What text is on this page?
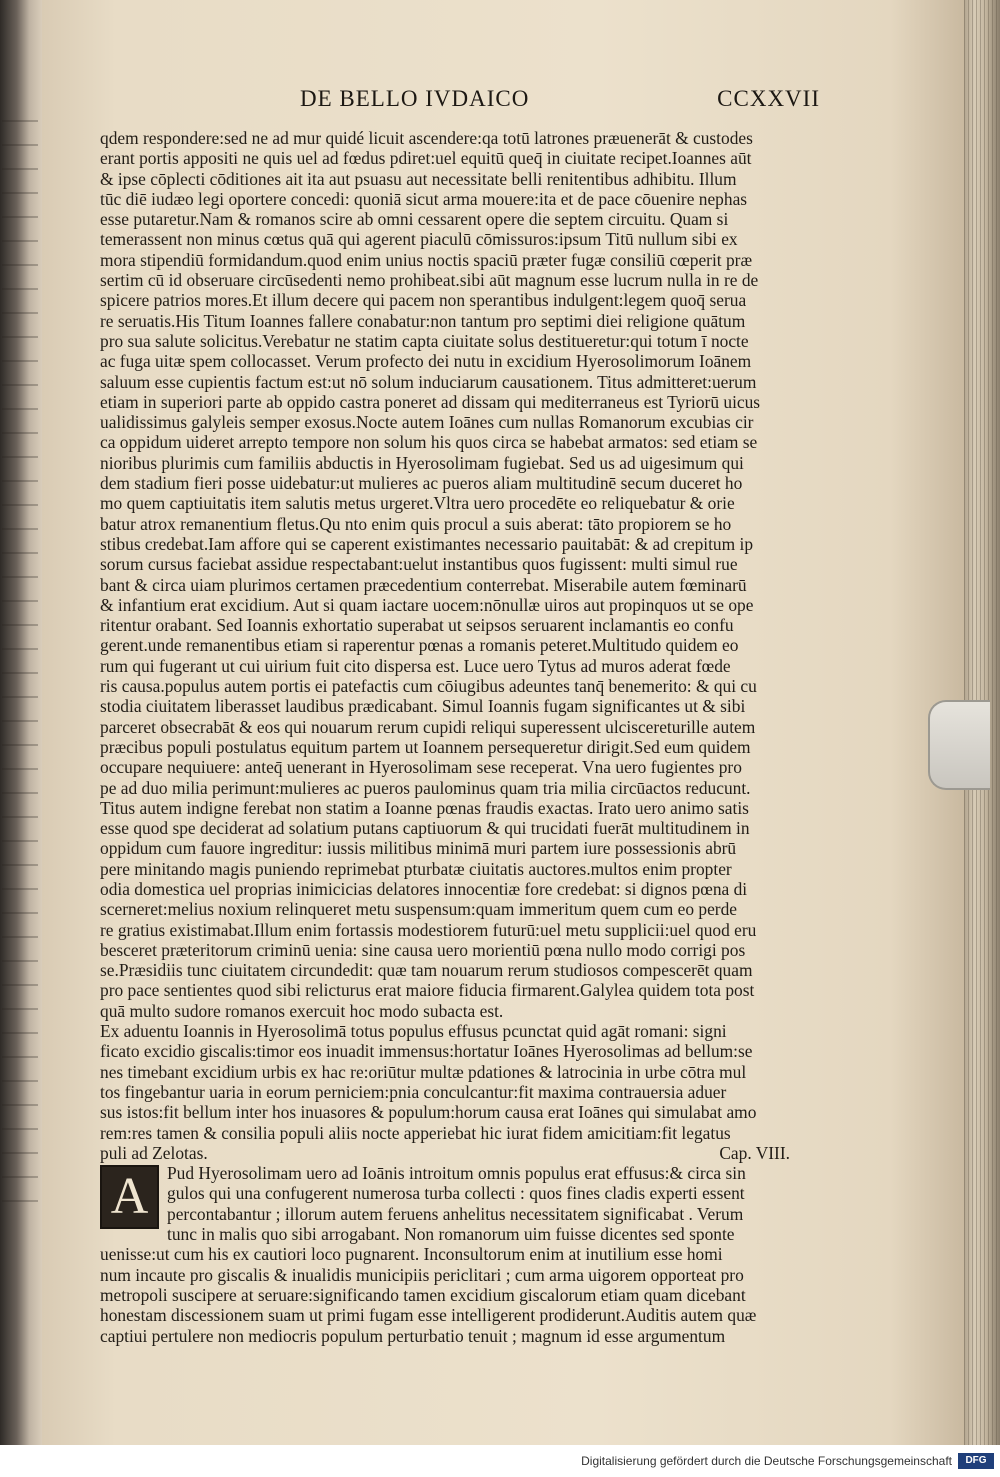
DE BELLO IVDAICO	CCXXVII
qdem respondere:sed ne ad mur quidé licuit ascendere:qa totū latrones præuenerāt & custodes
erant portis appositi ne quis uel ad fœdus pdiret:uel equitū queq̄ in ciuitate recipet.Ioannes aūt
& ipse cōplecti cōditiones ait ita aut psuasu aut necessitate belli renitentibus adhibitu. Illum
tūc diē iudæo legi oportere concedi: quoniā sicut arma mouere:ita et de pace cōuenire nephas
esse putaretur.Nam & romanos scire ab omni cessarent opere die septem circuitu. Quam si
temerassent non minus cœtus quā qui agerent piaculū cōmissuros:ipsum Titū nullum sibi ex
mora stipendiū formidandum.quod enim unius noctis spaciū præter fugæ consiliū cœperit præ
sertim cū id obseruare circūsedenti nemo prohibeat.sibi aūt magnum esse lucrum nulla in re de
spicere patrios mores.Et illum decere qui pacem non sperantibus indulgent:legem quoq̄ serua
re seruatis.His Titum Ioannes fallere conabatur:non tantum pro septimi diei religione quātum
pro sua salute solicitus.Verebatur ne statim capta ciuitate solus destitueretur:qui totum ī nocte
ac fuga uitæ spem collocasset. Verum profecto dei nutu in excidium Hyerosolimorum Ioānem
saluum esse cupientis factum est:ut nō solum induciarum causationem. Titus admitteret:uerum
etiam in superiori parte ab oppido castra poneret ad dissam qui mediterraneus est Tyriorū uicus
ualidissimus galyleis semper exosus.Nocte autem Ioānes cum nullas Romanorum excubias cir
ca oppidum uideret arrepto tempore non solum his quos circa se habebat armatos: sed etiam se
nioribus plurimis cum familiis abductis in Hyerosolimam fugiebat. Sed us ad uigesimum qui
dem stadium fieri posse uidebatur:ut mulieres ac pueros aliam multitudinē secum duceret ho
mo quem captiuitatis item salutis metus urgeret.Vltra uero procedēte eo reliquebatur & orie
batur atrox remanentium fletus.Qu nto enim quis procul a suis aberat: tāto propiorem se ho
stibus credebat.Iam affore qui se caperent existimantes necessario pauitabāt: & ad crepitum ip
sorum cursus faciebat assidue respectabant:uelut instantibus quos fugissent: multi simul rue
bant & circa uiam plurimos certamen præcedentium conterrebat. Miserabile autem fœminarū
& infantium erat excidium. Aut si quam iactare uocem:nōnullæ uiros aut propinquos ut se ope
ritentur orabant. Sed Ioannis exhortatio superabat ut seipsos seruarent inclamantis eo confu
gerent.unde remanentibus etiam si raperentur pœnas a romanis peteret.Multitudo quidem eo
rum qui fugerant ut cui uirium fuit cito dispersa est. Luce uero Tytus ad muros aderat fœde
ris causa.populus autem portis ei patefactis cum cōiugibus adeuntes tanq̄ benemerito: & qui cu
stodia ciuitatem liberasset laudibus prædicabant. Simul Ioannis fugam significantes ut & sibi
parceret obsecrabāt & eos qui nouarum rerum cupidi reliqui superessent ulciscereturille autem
præcibus populi postulatus equitum partem ut Ioannem persequeretur dirigit.Sed eum quidem
occupare nequiuere: anteq̄ uenerant in Hyerosolimam sese receperat. Vna uero fugientes pro
pe ad duo milia perimunt:mulieres ac pueros paulominus quam tria milia circūactos reducunt.
Titus autem indigne ferebat non statim a Ioanne pœnas fraudis exactas. Irato uero animo satis
esse quod spe deciderat ad solatium putans captiuorum & qui trucidati fuerāt multitudinem in
oppidum cum fauore ingreditur: iussis militibus minimā muri partem iure possessionis abrū
pere minitando magis puniendo reprimebat pturbatæ ciuitatis auctores.multos enim propter
odia domestica uel proprias inimicicias delatores innocentiæ fore credebat: si dignos pœna di
scerneret:melius noxium relinqueret metu suspensum:quam immeritum quem cum eo perde
re gratius existimabat.Illum enim fortassis modestiorem futurū:uel metu supplicii:uel quod eru
besceret præteritorum criminū uenia: sine causa uero morientiū pœna nullo modo corrigi pos
se.Præsidiis tunc ciuitatem circundedit: quæ tam nouarum rerum studiosos compescerēt quam
pro pace sentientes quod sibi relicturus erat maiore fiducia firmarent.Galylea quidem tota post
quā multo sudore romanos exercuit hoc modo subacta est.
Ex aduentu Ioannis in Hyerosolimā totus populus effusus pcunctat quid agāt romani: signi
ficato excidio giscalis:timor eos inuadit immensus:hortatur Ioānes Hyerosolimas ad bellum:se
nes timebant excidium urbis ex hac re:oriūtur multæ pdationes & latrocinia in urbe cōtra mul
tos fingebantur uaria in eorum perniciem:pnia conculcantur:fit maxima contrauersia aduer
sus istos:fit bellum inter hos inuasores & populum:horum causa erat Ioānes qui simulabat amo
rem:res tamen & consilia populi aliis nocte apperiebat hic iurat fidem amicitiam:fit legatus
puli ad Zelotas.	Cap. VIII.
A	Pud Hyerosolimam uero ad Ioānis introitum omnis populus erat effusus:& circa sin
gulos qui una confugerent numerosa turba collecti : quos fines cladis experti essent
percontabantur ; illorum autem feruens anhelitus necessitatem significabat . Verum
tunc in malis quo sibi arrogabant. Non romanorum uim fuisse dicentes sed sponte
uenisse:ut cum his ex cautiori loco pugnarent. Inconsultorum enim at inutilium esse homi
num incaute pro giscalis & inualidis municipiis periclitari ; cum arma uigorem opporteat pro
metropoli suscipere at seruare:significando tamen excidium giscalorum etiam quam dicebant
honestam discessionem suam ut primi fugam esse intelligerent prodiderunt.Auditis autem quæ
captiui pertulere non mediocris populum perturbatio tenuit ; magnum id esse argumentum
Digitalisierung gefördert durch die Deutsche Forschungsgemeinschaft	DFG
